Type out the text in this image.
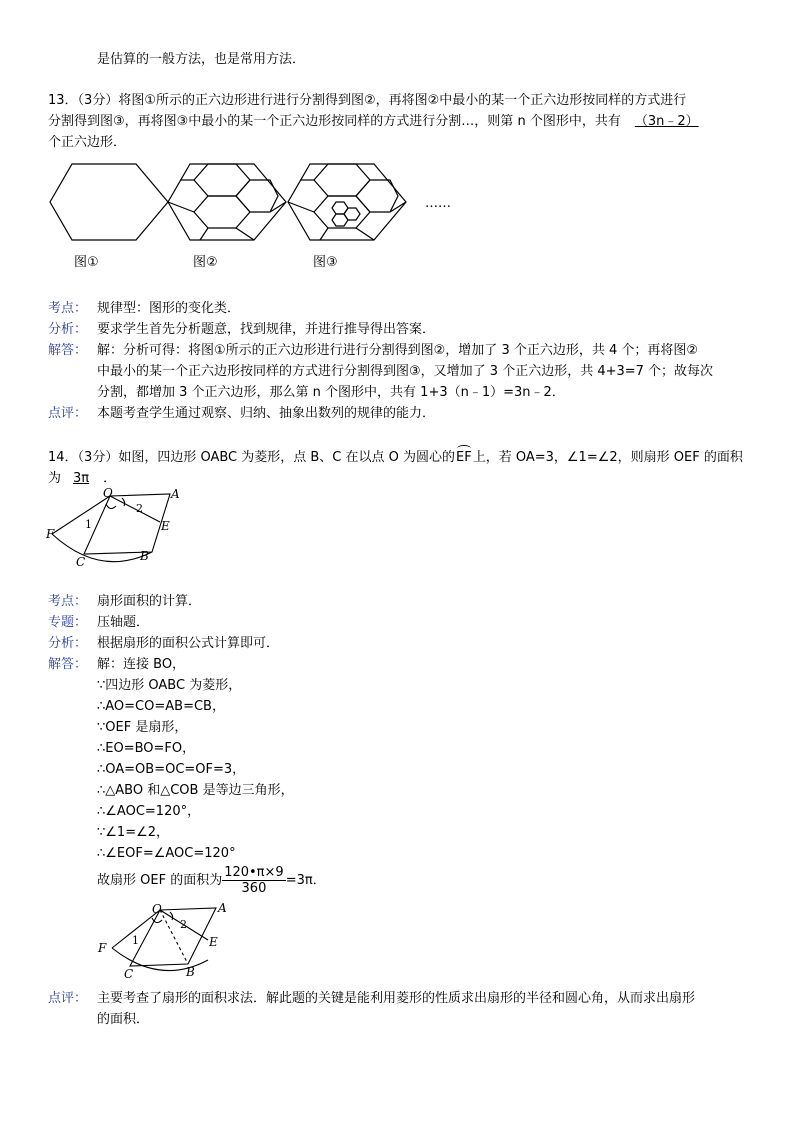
是估算的一般方法，也是常用方法．
13．（3分）将图①所示的正六边形进行进行分割得到图②，再将图②中最小的某一个正六边形按同样的方式进行
分割得到图③，再将图③中最小的某一个正六边形按同样的方式进行分割…，则第 n 个图形中，共有 （3n﹣2）
个正六边形．
图①	图②	图③
……
考点： 规律型：图形的变化类．
分析： 要求学生首先分析题意，找到规律，并进行推导得出答案．
解答： 解：分析可得：将图①所示的正六边形进行进行分割得到图②，增加了 3 个正六边形，共 4 个；再将图②
中最小的某一个正六边形按同样的方式进行分割得到图③，又增加了 3 个正六边形，共 4+3=7 个；故每次
分割，都增加 3 个正六边形，那么第 n 个图形中，共有 1+3（n﹣1）=3n﹣2．
点评： 本题考查学生通过观察、归纳、抽象出数列的规律的能力．
14．（3分）如图，四边形 OABC 为菱形，点 B、C 在以点 O 为圆心的
EF上，若 OA=3，∠1=∠2，则扇形 OEF 的面积
为 3π ．
O	A
E
F
C	B
1
2
考点： 扇形面积的计算．
专题： 压轴题．
分析： 根据扇形的面积公式计算即可．
解答： 解：连接 BO，
∵四边形 OABC 为菱形，
∴AO=CO=AB=CB，
∵OEF 是扇形，
∴EO=BO=FO，
∴OA=OB=OC=OF=3，
∴△ABO 和△COB 是等边三角形，
∴∠AOC=120°，
∵∠1=∠2，
∴∠EOF=∠AOC=120°
故扇形 OEF 的面积为 $\frac{120•\pi\times 9}{360} =3\pi$．
O	A
E
F
C	B
1
2
点评： 主要考查了扇形的面积求法．解此题的关键是能利用菱形的性质求出扇形的半径和圆心角，从而求出扇形
的面积．
